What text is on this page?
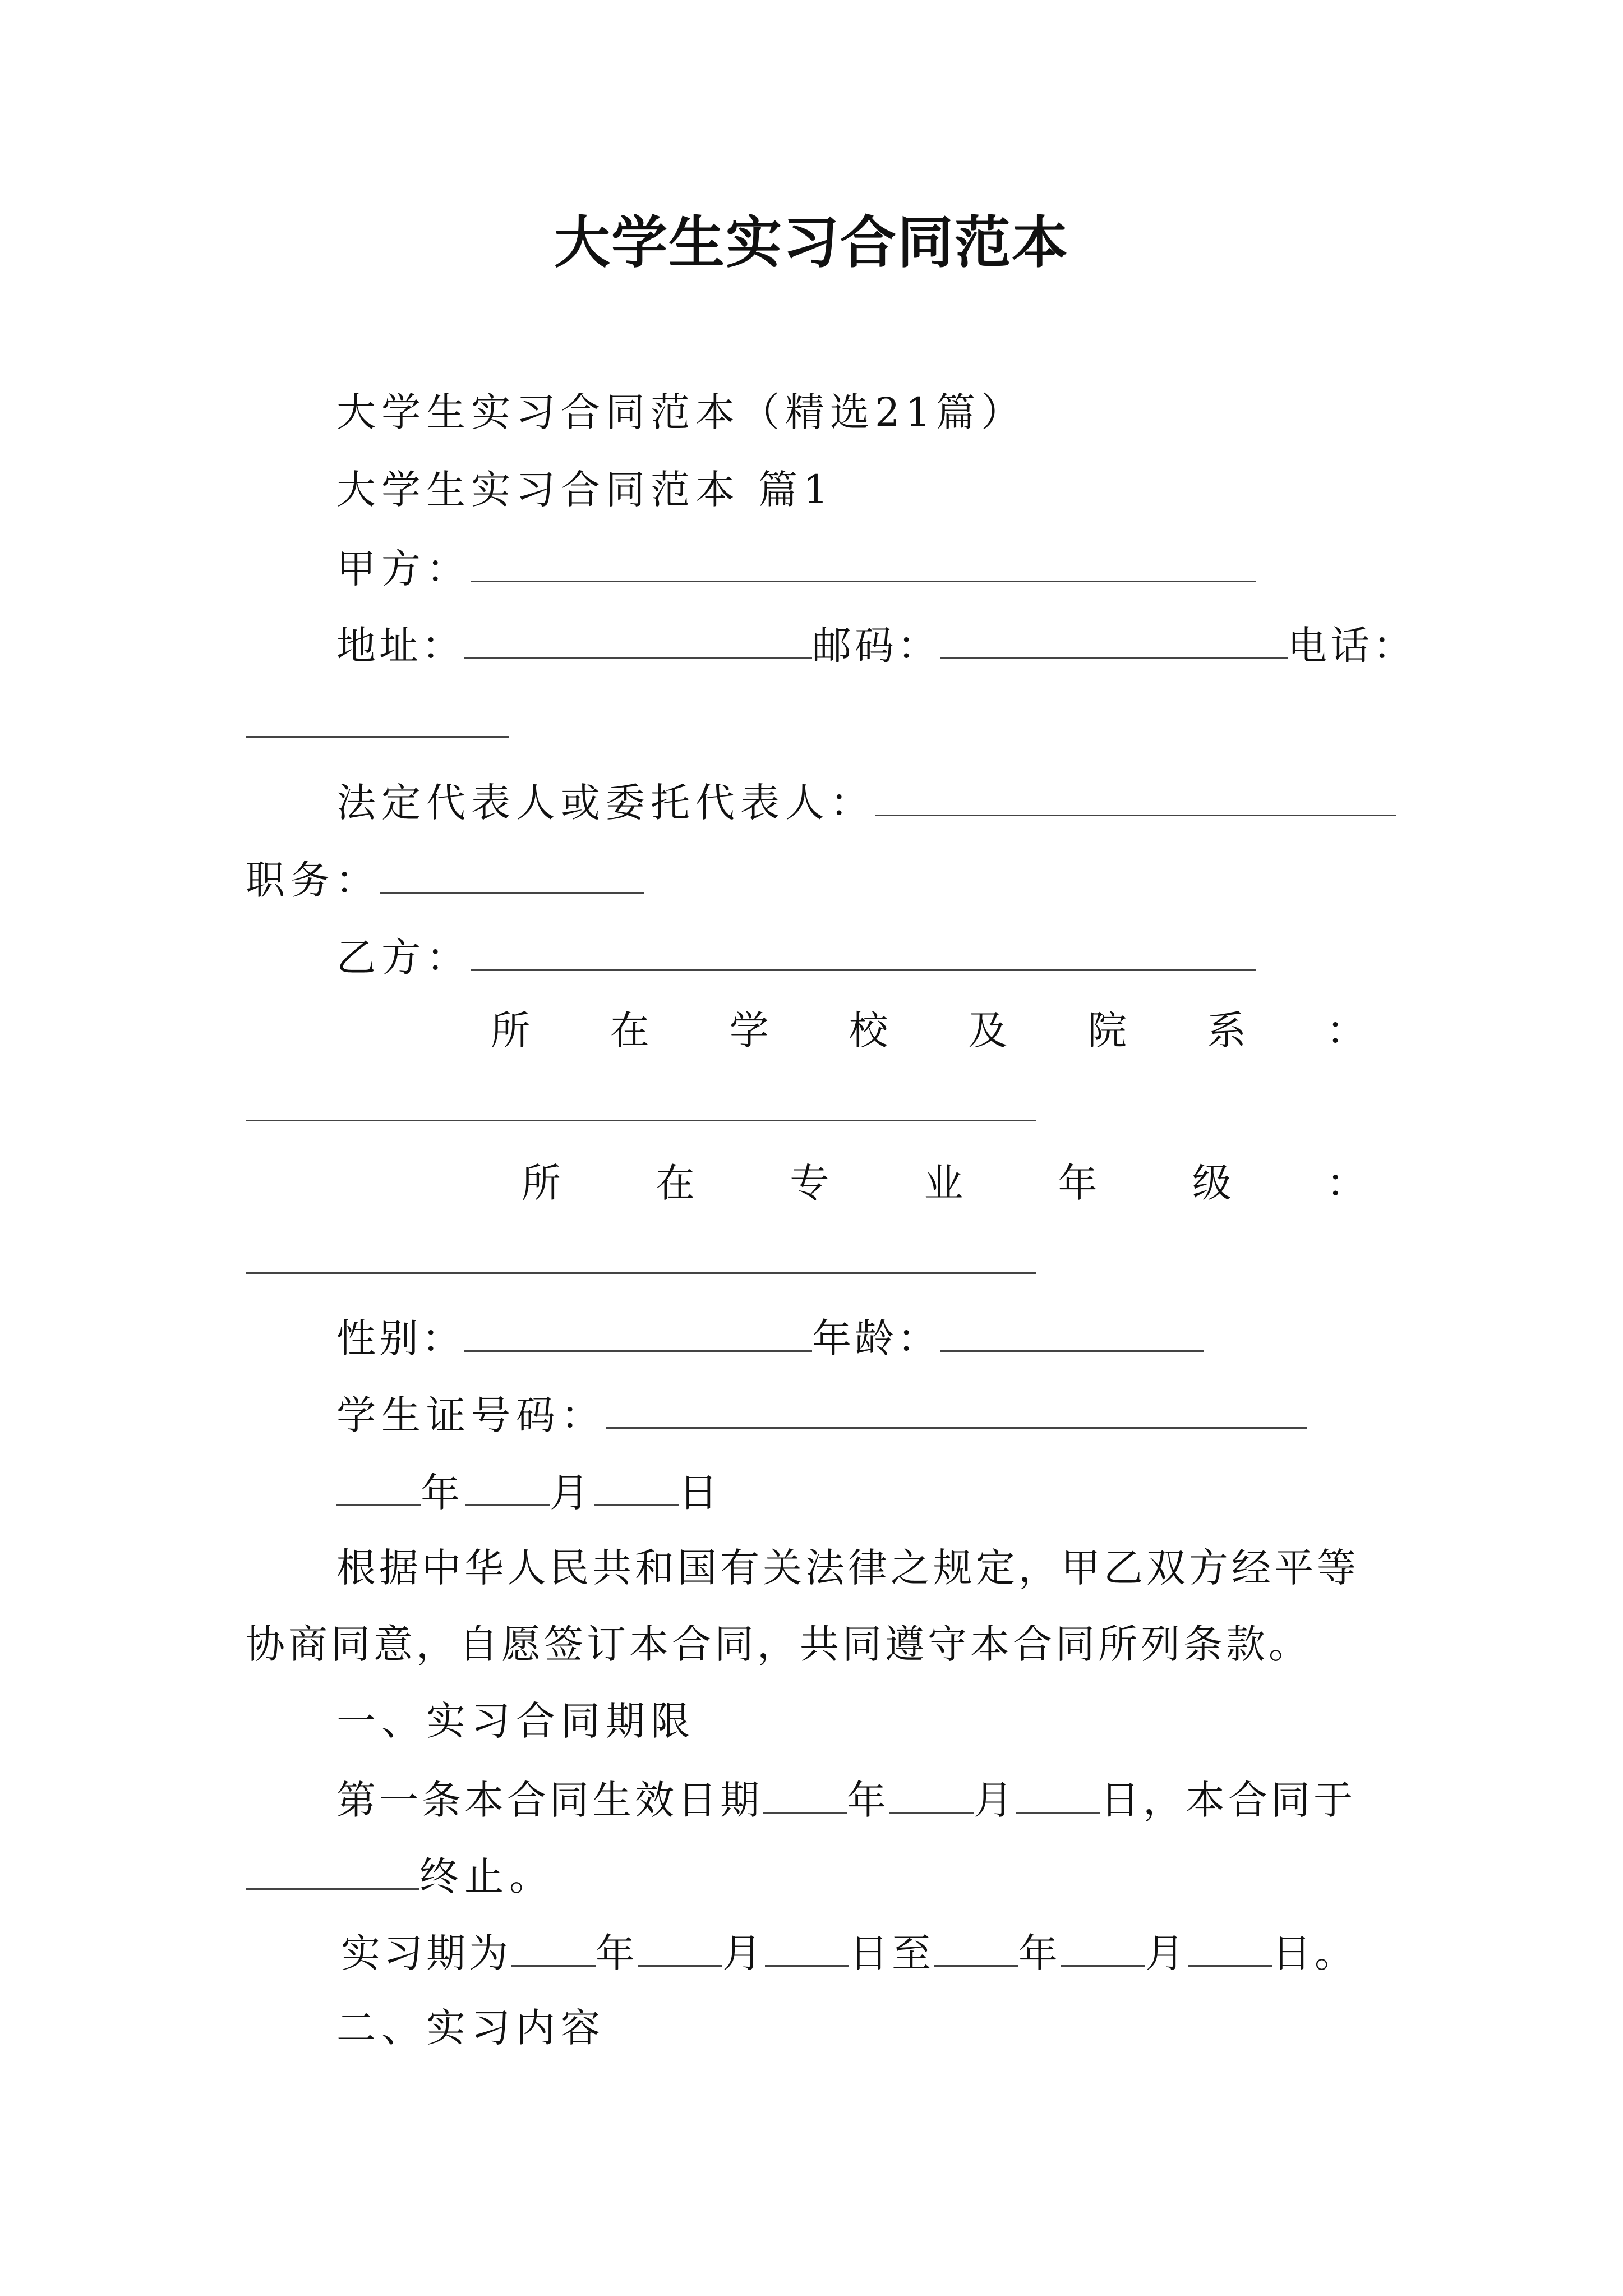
大学生实习合同范本
大学生实习合同范本（精选21篇）
大学生实习合同范本 篇1
甲方：
地址：	邮码：	电话：
法定代表人或委托代表人：
职务：
乙方：
所 在 学 校 及 院 系 ：
所 在 专 业 年 级 ：
性别：	年龄：
学生证号码：
年 月 日
根据中华人民共和国有关法律之规定，甲乙双方经平等
协商同意，自愿签订本合同，共同遵守本合同所列条款。
一、实习合同期限
第一条本合同生效日期 年 月 日，本合同于
终止。
实习期为 年 月 日至 年 月 日。
二、实习内容
